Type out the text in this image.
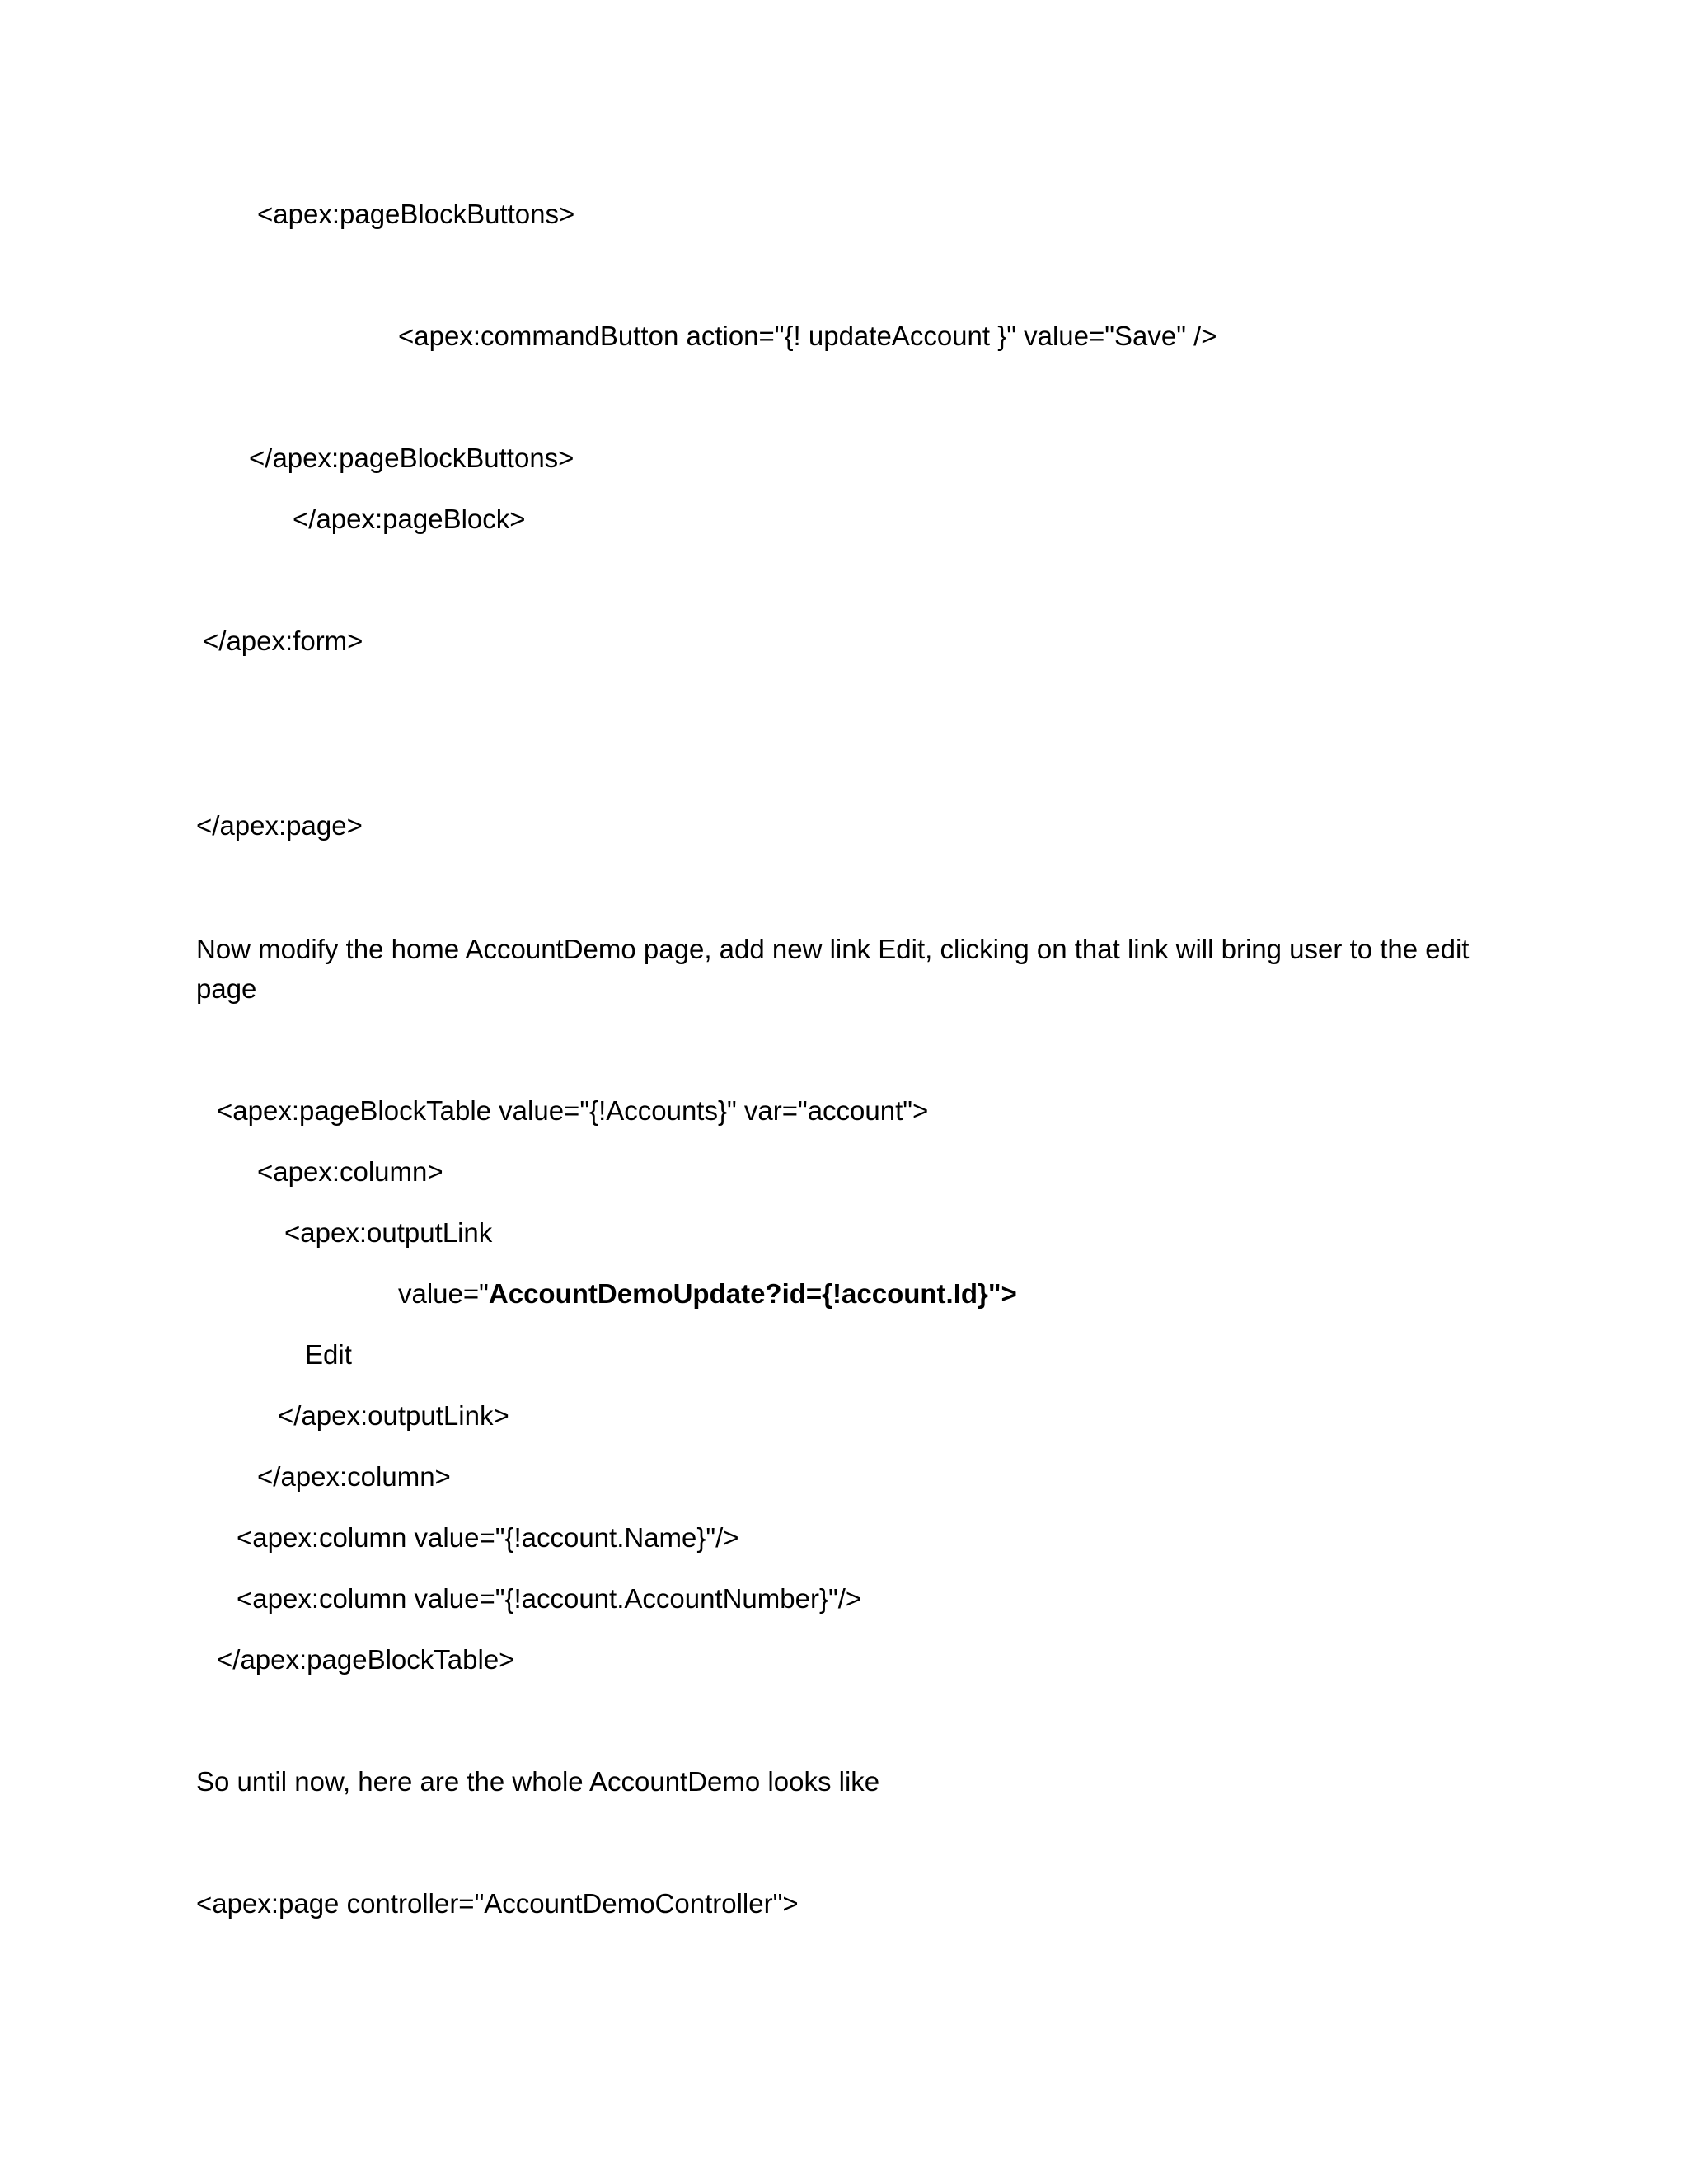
<apex:pageBlockButtons>

<apex:commandButton action="{! updateAccount }" value="Save" />

</apex:pageBlockButtons>

</apex:pageBlock>

</apex:form>

</apex:page>

Now modify the home AccountDemo page, add new link Edit, clicking on that link will bring user to the edit page

<apex:pageBlockTable value="{!Accounts}" var="account">

<apex:column>

<apex:outputLink

value="AccountDemoUpdate?id={!account.Id}">

Edit

</apex:outputLink>

</apex:column>

<apex:column value="{!account.Name}"/>

<apex:column value="{!account.AccountNumber}"/>

</apex:pageBlockTable>

So until now, here are the whole AccountDemo looks like

<apex:page controller="AccountDemoController">
